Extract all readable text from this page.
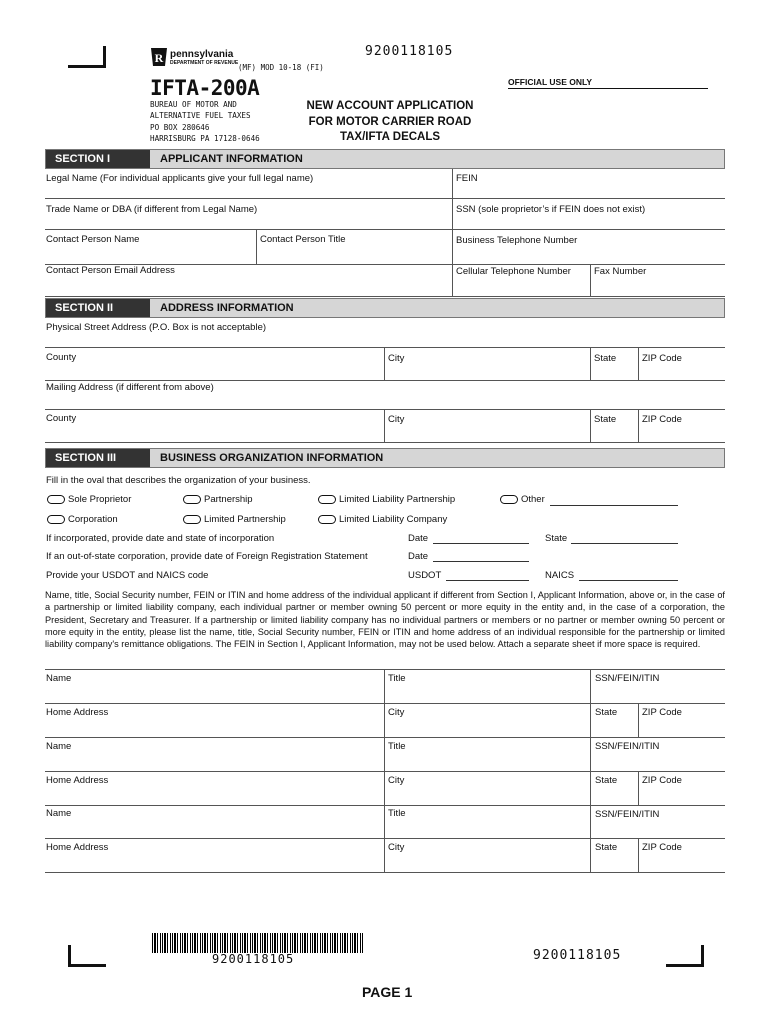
9200118105
R pennsylvania
DEPARTMENT OF REVENUE (MF) MOD 10-18 (FI)
IFTA-200A	OFFICIAL USE ONLY
BUREAU OF MOTOR AND
ALTERNATIVE FUEL TAXES
PO BOX 280646
HARRISBURG PA 17128-0646
NEW ACCOUNT APPLICATION
FOR MOTOR CARRIER ROAD
TAX/IFTA DECALS
SECTION I	APPLICANT INFORMATION
Legal Name (For individual applicants give your full legal name)	FEIN
Trade Name or DBA (if different from Legal Name)	SSN (sole proprietor’s if FEIN does not exist)
Contact Person Name	Contact Person Title	Business Telephone Number
Contact Person Email Address	Cellular Telephone Number Fax Number
SECTION II	ADDRESS INFORMATION
Physical Street Address (P.O. Box is not acceptable)
County	City	State	ZIP Code
Mailing Address (if different from above)
County	City	State	ZIP Code
SECTION III	BUSINESS ORGANIZATION INFORMATION
Fill in the oval that describes the organization of your business.
Sole Proprietor	Partnership	Limited Liability Partnership	Other
Corporation	Limited Partnership	Limited Liability Company
If incorporated, provide date and state of incorporation	Date	State
If an out-of-state corporation, provide date of Foreign Registration Statement	Date
Provide your USDOT and NAICS code	USDOT	NAICS
Name, title, Social Security number, FEIN or ITIN and home address of the individual applicant if different from Section I, Applicant Information, above or, in the case of a partnership or limited liability company, each individual partner or member owning 50 percent or more equity in the entity and, in the case of a corporation, the President, Secretary and Treasurer. If a partnership or limited liability company has no individual partners or members or no partner or member owning 50 percent or more equity in the entity, please list the name, title, Social Security number, FEIN or ITIN and home address of an individual responsible for the partnership or limited liability company's remittance obligations. The FEIN in Section I, Applicant Information, may not be used below. Attach a separate sheet if more space is required.
Name	Title	SSN/FEIN/ITIN
Home Address	City	State	ZIP Code
Name	Title	SSN/FEIN/ITIN
Home Address	City	State	ZIP Code
Name	Title	SSN/FEIN/ITIN
Home Address	City	State	ZIP Code
9200118105	9200118105
PAGE 1
